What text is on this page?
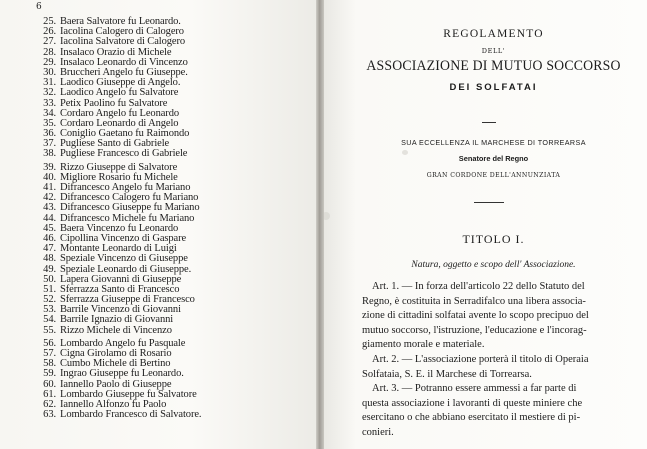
6
25. Baera Salvatore fu Leonardo.
26. Iacolina Calogero di Calogero
27. Iacolina Salvatore di Calogero
28. Insalaco Orazio di Michele
29. Insalaco Leonardo di Vincenzo
30. Bruccheri Angelo fu Giuseppe.
31. Laodico Giuseppe di Angelo.
32. Laodico Angelo fu Salvatore
33. Petix Paolino fu Salvatore
34. Cordaro Angelo fu Leonardo
35. Cordaro Leonardo di Angelo
36. Coniglio Gaetano fu Raimondo
37. Pugliese Santo di Gabriele
38. Pugliese Francesco di Gabriele
39. Rizzo Giuseppe di Salvatore
40. Migliore Rosario fu Michele
41. Difrancesco Angelo fu Mariano
42. Difrancesco Calogero fu Mariano
43. Difrancesco Giuseppe fu Mariano
44. Difrancesco Michele fu Mariano
45. Baera Vincenzo fu Leonardo
46. Cipollina Vincenzo di Gaspare
47. Montante Leonardo di Luigi
48. Speziale Vincenzo di Giuseppe
49. Speziale Leonardo di Giuseppe.
50. Lapera Giovanni di Giuseppe
51. Sferrazza Santo di Francesco
52. Sferrazza Giuseppe di Francesco
53. Barrile Vincenzo di Giovanni
54. Barrile Ignazio di Giovanni
55. Rizzo Michele di Vincenzo
56. Lombardo Angelo fu Pasquale
57. Cigna Girolamo di Rosario
58. Cumbo Michele di Bertino
59. Ingrao Giuseppe fu Leonardo.
60. Iannello Paolo di Giuseppe
61. Lombardo Giuseppe fu Salvatore
62. Iannello Alfonzo fu Paolo
63. Lombardo Francesco di Salvatore.
REGOLAMENTO
DELL'
ASSOCIAZIONE DI MUTUO SOCCORSO
DEI SOLFATAI
SUA ECCELLENZA IL MARCHESE DI TORREARSA
Senatore del Regno
GRAN CORDONE DELL'ANNUNZIATA
TITOLO I.
Natura, oggetto e scopo dell' Associazione.
Art. 1. — In forza dell'articolo 22 dello Statuto del
Regno, è costituita in Serradifalco una libera associa-
zione di cittadini solfatai avente lo scopo precipuo del
mutuo soccorso, l'istruzione, l'educazione e l'incorag-
giamento morale e materiale.
Art. 2. — L'associazione porterà il titolo di Operaia
Solfataia, S. E. il Marchese di Torrearsa.
Art. 3. — Potranno essere ammessi a far parte di
questa associazione i lavoranti di queste miniere che
esercitano o che abbiano esercitato il mestiere di pi-
conieri.
